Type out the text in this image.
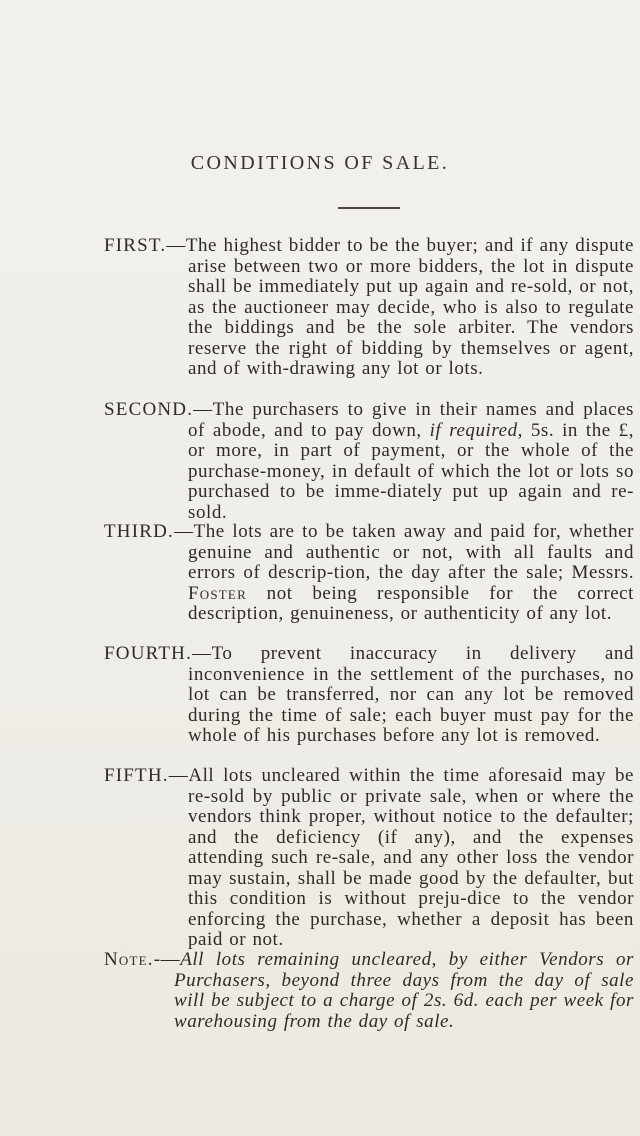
CONDITIONS OF SALE.

FIRST.—The highest bidder to be the buyer; and if any dispute arise between two or more bidders, the lot in dispute shall be immediately put up again and re-sold, or not, as the auctioneer may decide, who is also to regulate the biddings and be the sole arbiter. The vendors reserve the right of bidding by themselves or agent, and of with-drawing any lot or lots.

SECOND.—The purchasers to give in their names and places of abode, and to pay down, if required, 5s. in the £, or more, in part of payment, or the whole of the purchase-money, in default of which the lot or lots so purchased to be imme-diately put up again and re-sold.

THIRD.—The lots are to be taken away and paid for, whether genuine and authentic or not, with all faults and errors of descrip-tion, the day after the sale; Messrs. Foster not being responsible for the correct description, genuineness, or authenticity of any lot.

FOURTH.—To prevent inaccuracy in delivery and inconvenience in the settlement of the purchases, no lot can be transferred, nor can any lot be removed during the time of sale; each buyer must pay for the whole of his purchases before any lot is removed.

FIFTH.—All lots uncleared within the time aforesaid may be re-sold by public or private sale, when or where the vendors think proper, without notice to the defaulter; and the deficiency (if any), and the expenses attending such re-sale, and any other loss the vendor may sustain, shall be made good by the defaulter, but this condition is without preju-dice to the vendor enforcing the purchase, whether a deposit has been paid or not.

Note.-—All lots remaining uncleared, by either Vendors or Purchasers, beyond three days from the day of sale will be subject to a charge of 2s. 6d. each per week for warehousing from the day of sale.
